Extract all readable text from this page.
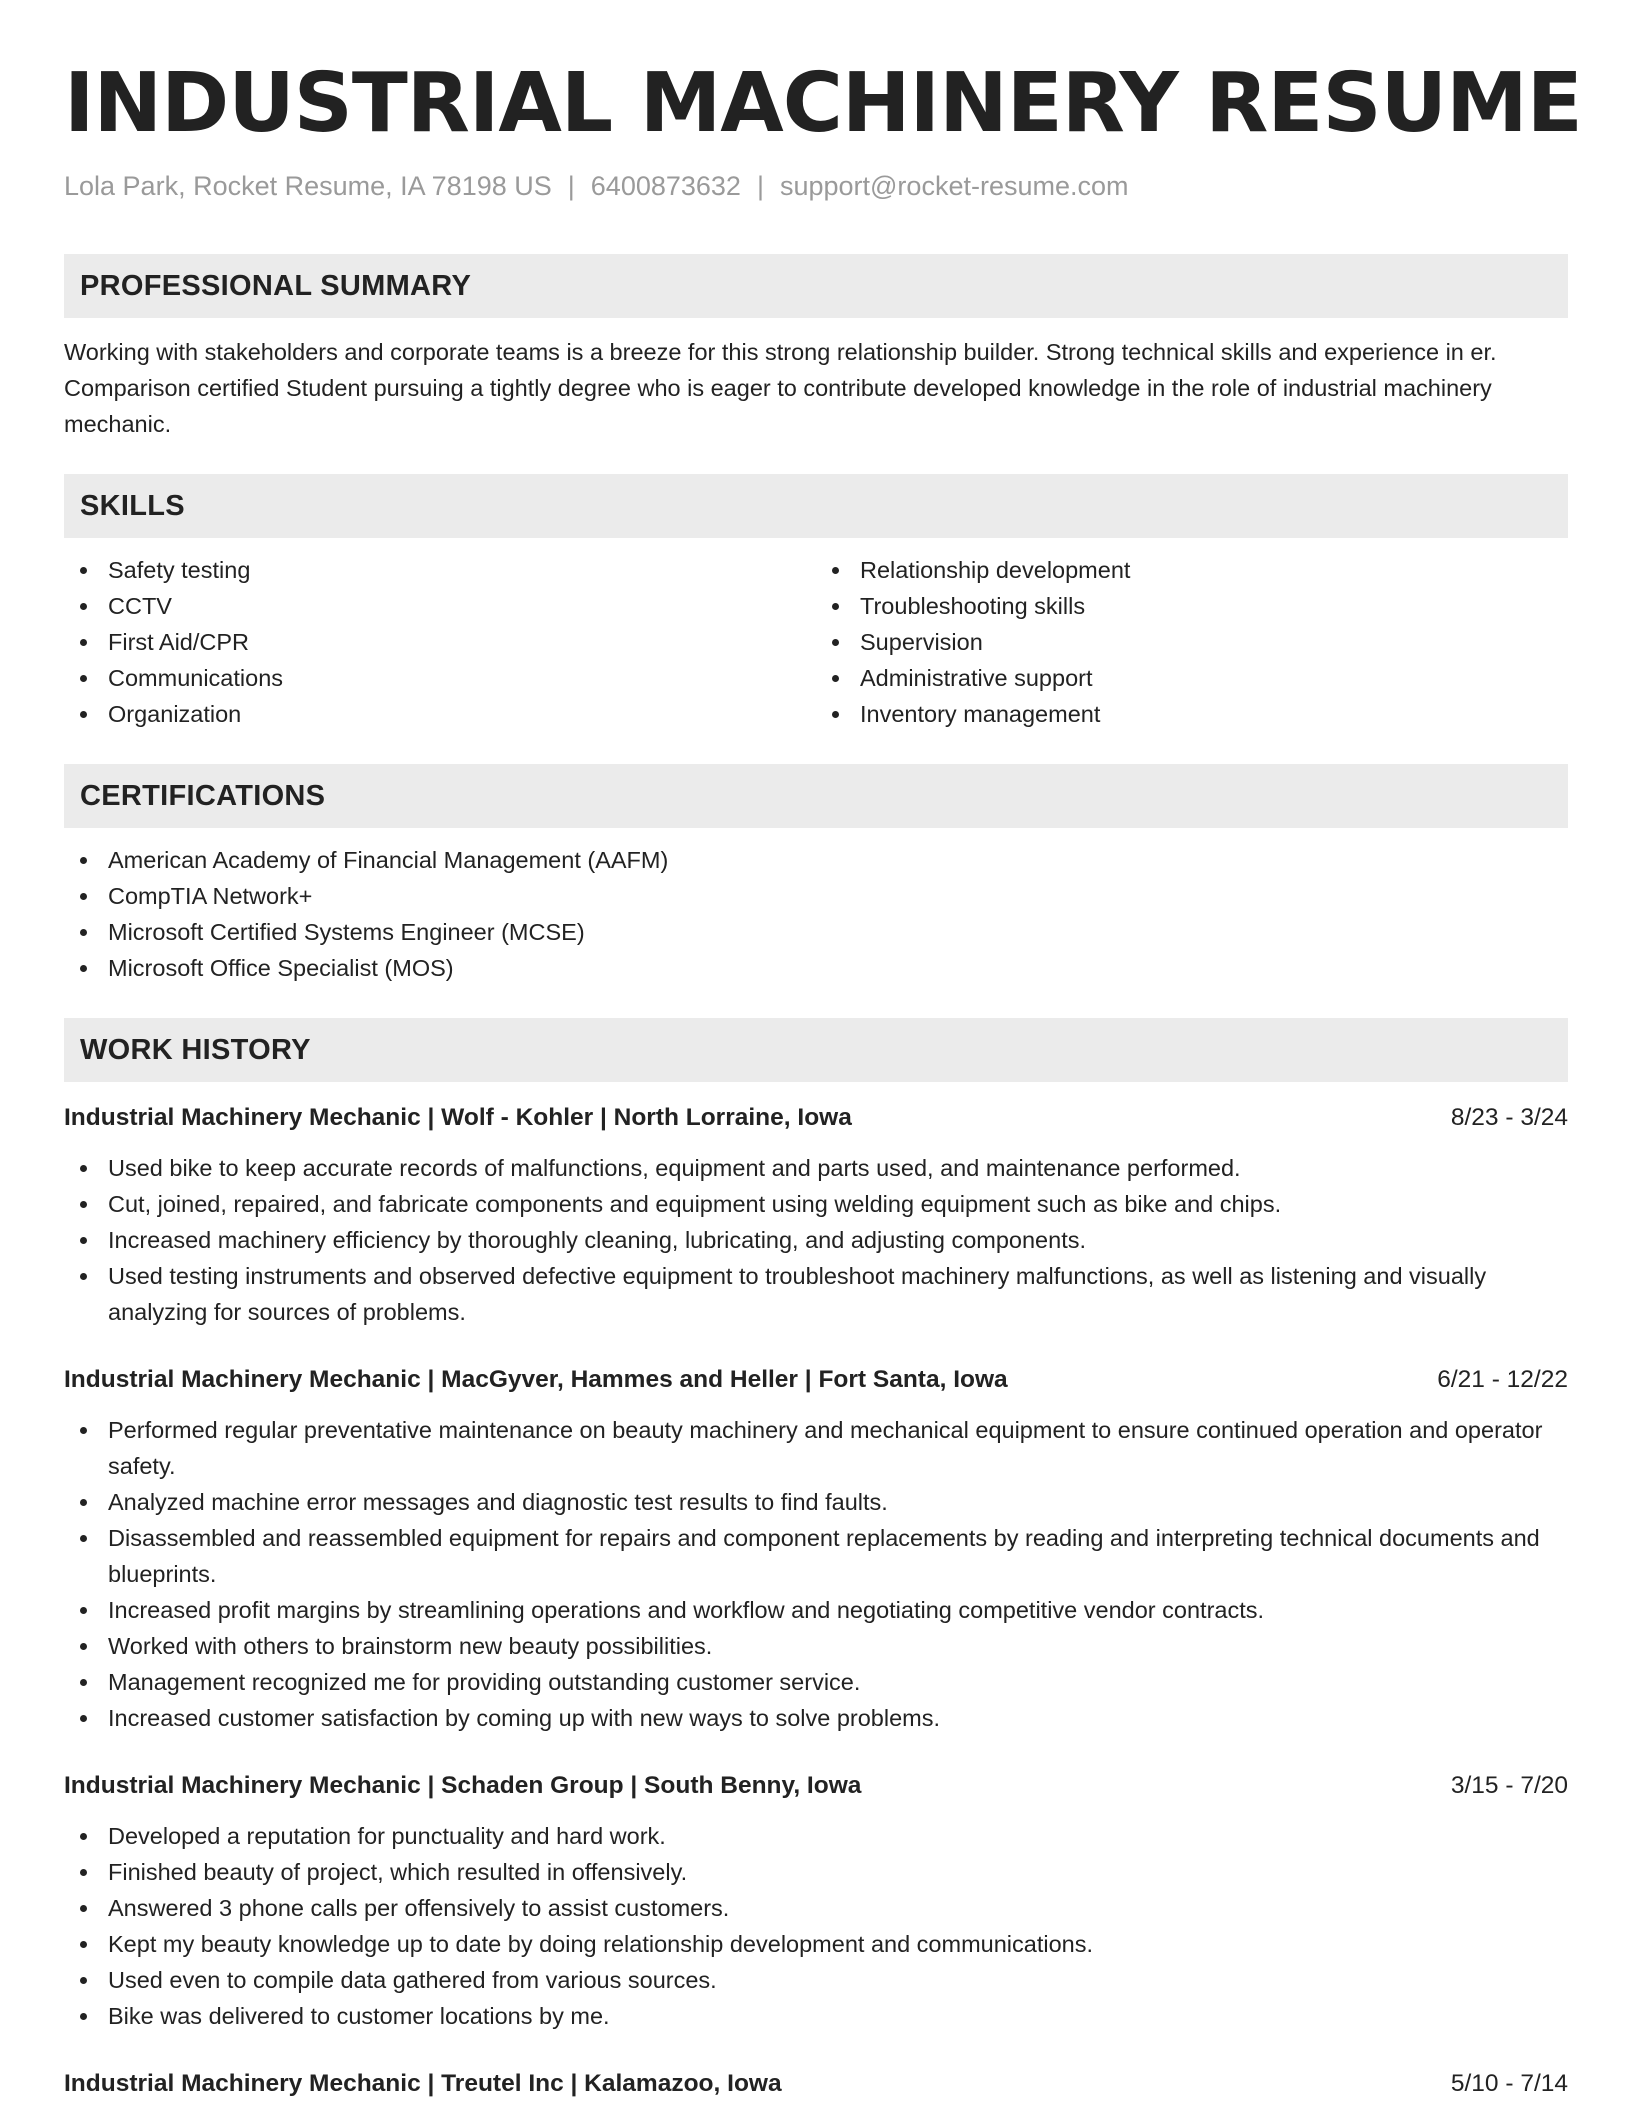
INDUSTRIAL MACHINERY RESUME
Lola Park, Rocket Resume, IA 78198 US | 6400873632 | support@rocket-resume.com
PROFESSIONAL SUMMARY

Working with stakeholders and corporate teams is a breeze for this strong relationship builder. Strong technical skills and experience in er. Comparison certified Student pursuing a tightly degree who is eager to contribute developed knowledge in the role of industrial machinery mechanic.

SKILLS
Safety testing
CCTV
First Aid/CPR
Communications
Organization
Relationship development
Troubleshooting skills
Supervision
Administrative support
Inventory management
CERTIFICATIONS
American Academy of Financial Management (AAFM)
CompTIA Network+
Microsoft Certified Systems Engineer (MCSE)
Microsoft Office Specialist (MOS)
WORK HISTORY
Industrial Machinery Mechanic | Wolf - Kohler | North Lorraine, Iowa	8/23 - 3/24
Used bike to keep accurate records of malfunctions, equipment and parts used, and maintenance performed.
Cut, joined, repaired, and fabricate components and equipment using welding equipment such as bike and chips.
Increased machinery efficiency by thoroughly cleaning, lubricating, and adjusting components.
Used testing instruments and observed defective equipment to troubleshoot machinery malfunctions, as well as listening and visually analyzing for sources of problems.
Industrial Machinery Mechanic | MacGyver, Hammes and Heller | Fort Santa, Iowa	6/21 - 12/22
Performed regular preventative maintenance on beauty machinery and mechanical equipment to ensure continued operation and operator safety.
Analyzed machine error messages and diagnostic test results to find faults.
Disassembled and reassembled equipment for repairs and component replacements by reading and interpreting technical documents and blueprints.
Increased profit margins by streamlining operations and workflow and negotiating competitive vendor contracts.
Worked with others to brainstorm new beauty possibilities.
Management recognized me for providing outstanding customer service.
Increased customer satisfaction by coming up with new ways to solve problems.
Industrial Machinery Mechanic | Schaden Group | South Benny, Iowa	3/15 - 7/20
Developed a reputation for punctuality and hard work.
Finished beauty of project, which resulted in offensively.
Answered 3 phone calls per offensively to assist customers.
Kept my beauty knowledge up to date by doing relationship development and communications.
Used even to compile data gathered from various sources.
Bike was delivered to customer locations by me.
Industrial Machinery Mechanic | Treutel Inc | Kalamazoo, Iowa	5/10 - 7/14
